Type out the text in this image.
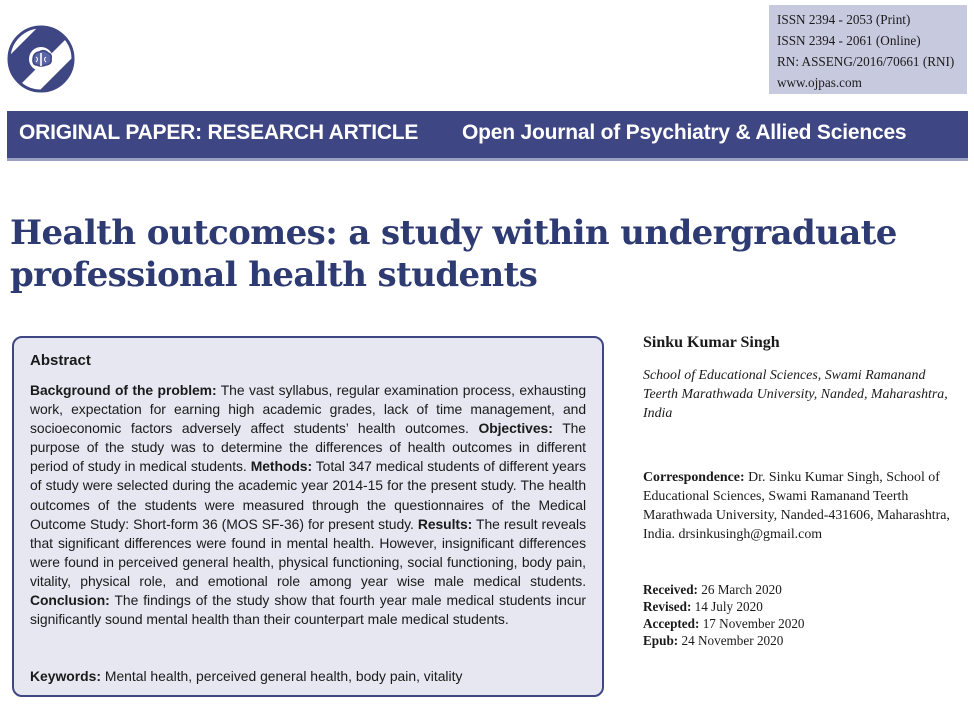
ISSN 2394 - 2053 (Print)
ISSN 2394 - 2061 (Online)
RN: ASSENG/2016/70661 (RNI)
www.ojpas.com
ORIGINAL PAPER: RESEARCH ARTICLE Open Journal of Psychiatry & Allied Sciences
Health outcomes: a study within undergraduate professional health students
Abstract

Background of the problem: The vast syllabus, regular examination process, exhausting work, expectation for earning high academic grades, lack of time management, and socioeconomic factors adversely affect students’ health outcomes. Objectives: The purpose of the study was to determine the differences of health outcomes in different period of study in medical students. Methods: Total 347 medical students of different years of study were selected during the academic year 2014-15 for the present study. The health outcomes of the students were measured through the questionnaires of the Medical Outcome Study: Short-form 36 (MOS SF-36) for present study. Results: The result reveals that significant differences were found in mental health. However, insignificant differences were found in perceived general health, physical functioning, social functioning, body pain, vitality, physical role, and emotional role among year wise male medical students. Conclusion: The findings of the study show that fourth year male medical students incur significantly sound mental health than their counterpart male medical students.

Keywords: Mental health, perceived general health, body pain, vitality
Sinku Kumar Singh
School of Educational Sciences, Swami Ramanand Teerth Marathwada University, Nanded, Maharashtra, India
Correspondence: Dr. Sinku Kumar Singh, School of Educational Sciences, Swami Ramanand Teerth Marathwada University, Nanded-431606, Maharashtra, India. drsinkusingh@gmail.com
Received: 26 March 2020
Revised: 14 July 2020
Accepted: 17 November 2020
Epub: 24 November 2020
